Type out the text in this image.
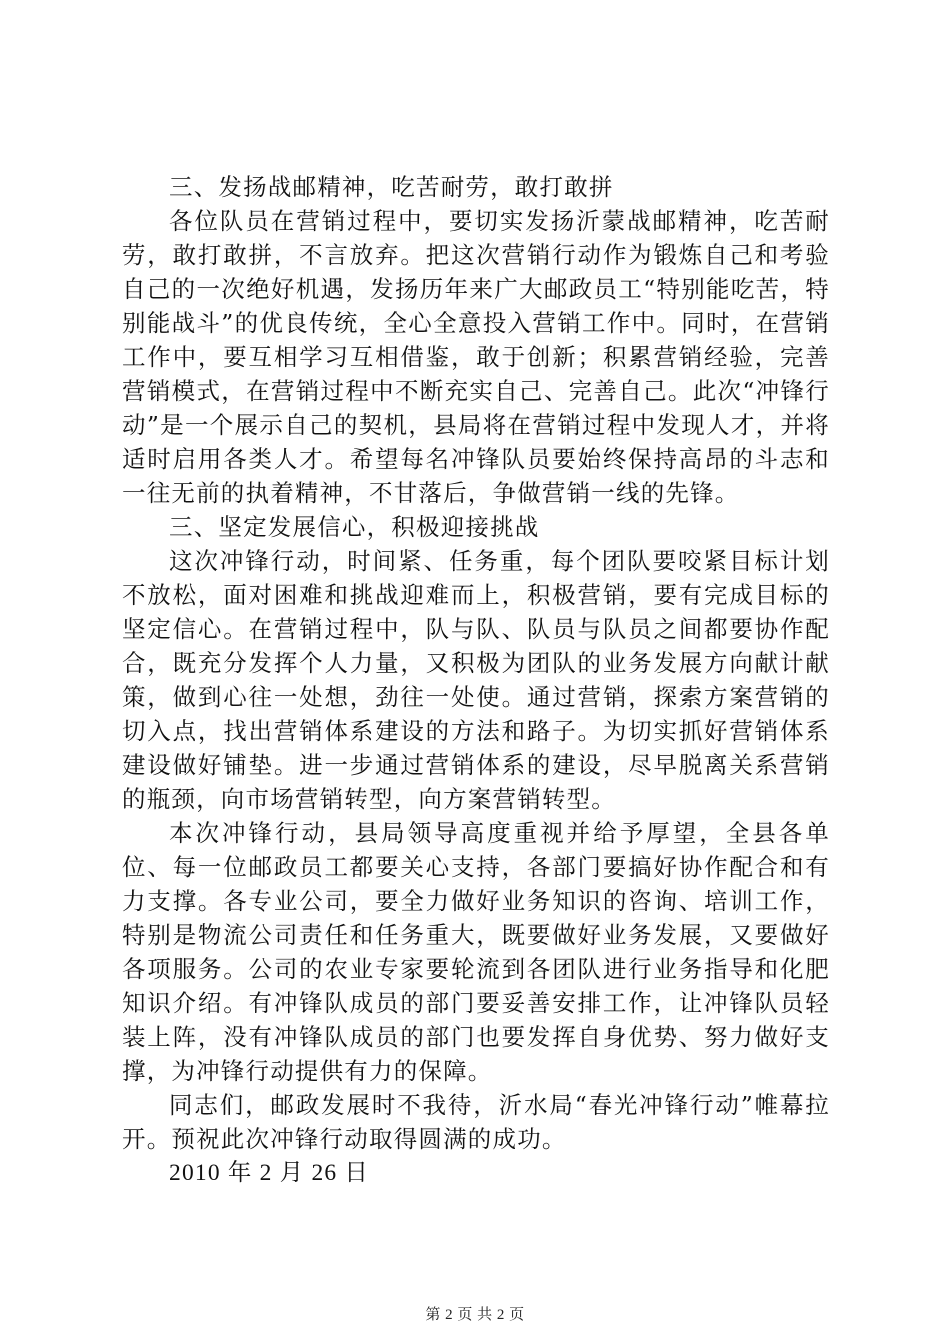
三、发扬战邮精神，吃苦耐劳，敢打敢拼

各位队员在营销过程中，要切实发扬沂蒙战邮精神，吃苦耐劳，敢打敢拼，不言放弃。把这次营销行动作为锻炼自己和考验自己的一次绝好机遇，发扬历年来广大邮政员工“特别能吃苦，特别能战斗”的优良传统，全心全意投入营销工作中。同时，在营销工作中，要互相学习互相借鉴，敢于创新；积累营销经验，完善营销模式，在营销过程中不断充实自己、完善自己。此次“冲锋行动”是一个展示自己的契机，县局将在营销过程中发现人才，并将适时启用各类人才。希望每名冲锋队员要始终保持高昂的斗志和一往无前的执着精神，不甘落后，争做营销一线的先锋。

三、坚定发展信心，积极迎接挑战

这次冲锋行动，时间紧、任务重，每个团队要咬紧目标计划不放松，面对困难和挑战迎难而上，积极营销，要有完成目标的坚定信心。在营销过程中，队与队、队员与队员之间都要协作配合，既充分发挥个人力量，又积极为团队的业务发展方向献计献策，做到心往一处想，劲往一处使。通过营销，探索方案营销的切入点，找出营销体系建设的方法和路子。为切实抓好营销体系建设做好铺垫。进一步通过营销体系的建设，尽早脱离关系营销的瓶颈，向市场营销转型，向方案营销转型。

本次冲锋行动，县局领导高度重视并给予厚望，全县各单位、每一位邮政员工都要关心支持，各部门要搞好协作配合和有力支撑。各专业公司，要全力做好业务知识的咨询、培训工作，特别是物流公司责任和任务重大，既要做好业务发展，又要做好各项服务。公司的农业专家要轮流到各团队进行业务指导和化肥知识介绍。有冲锋队成员的部门要妥善安排工作，让冲锋队员轻装上阵，没有冲锋队成员的部门也要发挥自身优势、努力做好支撑，为冲锋行动提供有力的保障。

同志们，邮政发展时不我待，沂水局“春光冲锋行动”帷幕拉开。预祝此次冲锋行动取得圆满的成功。

2010 年 2 月 26 日

第 2 页 共 2 页
